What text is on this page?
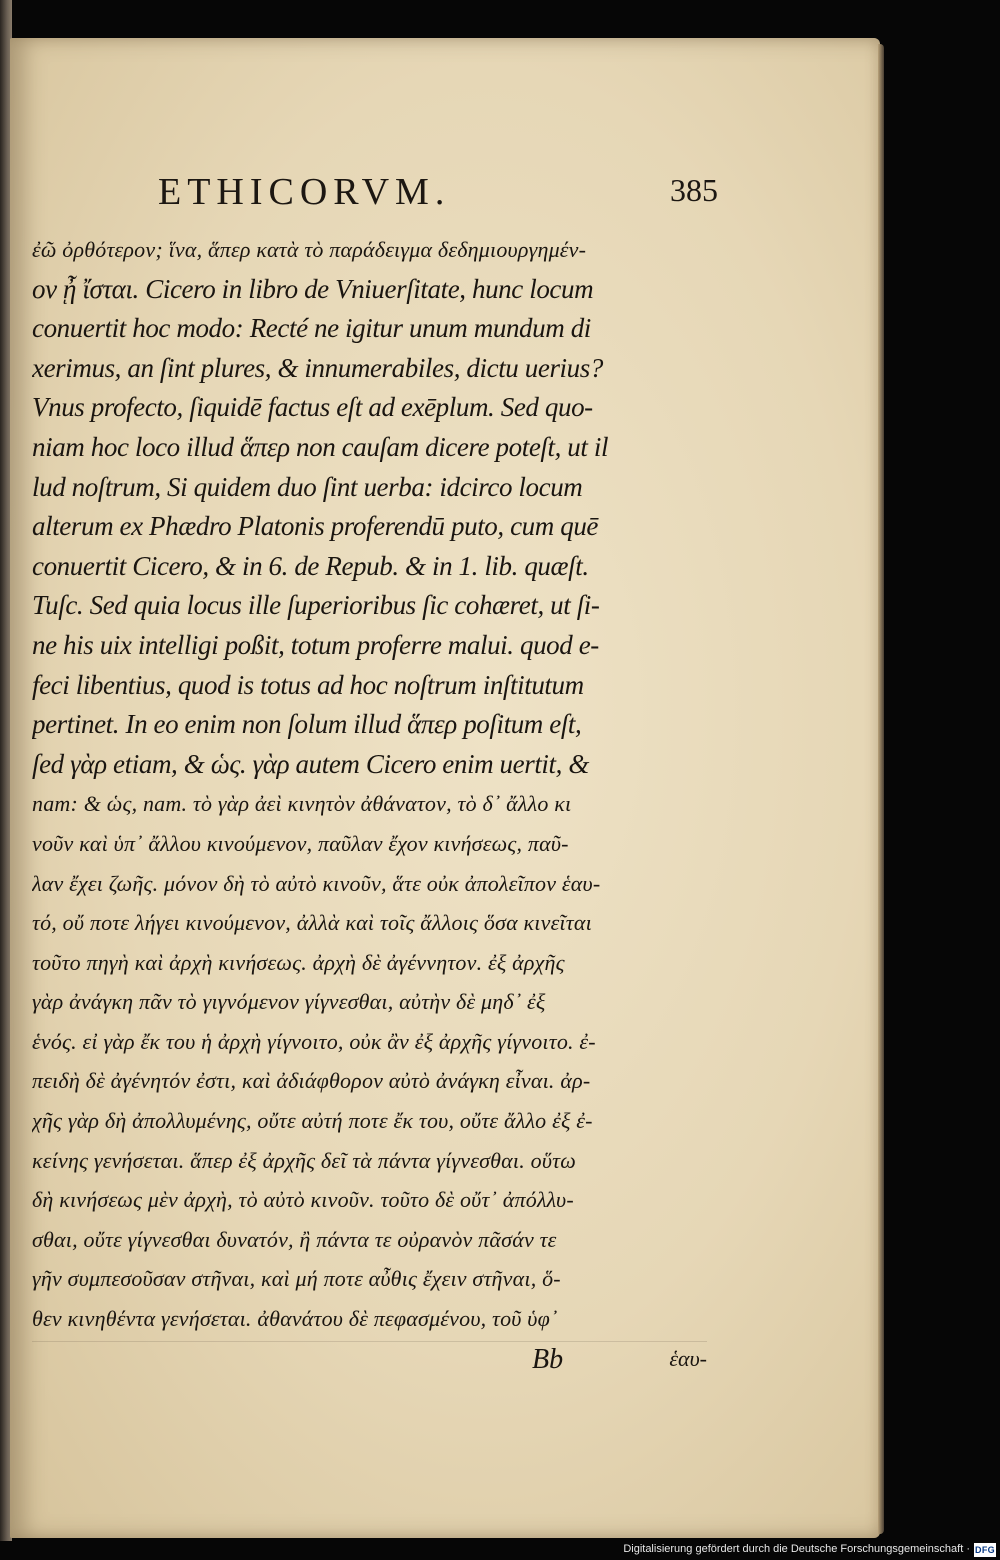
ETHICORVM.	385
ἐῶ ὀρθότερον; ἵνα, ἅπερ κατὰ τὸ παράδειγμα δεδημιουργημέν-
ον ᾖ ἴσται. Cicero in libro de Vniuerſitate, hunc locum
conuertit hoc modo: Recté ne igitur unum mundum di
xerimus, an ſint plures, & innumerabiles, dictu uerius?
Vnus profecto, ſiquidē factus eſt ad exēplum. Sed quo-
niam hoc loco illud ἅπερ non cauſam dicere poteſt, ut il
lud noſtrum, Si quidem duo ſint uerba: idcirco locum
alterum ex Phædro Platonis proferendū puto, cum quē
conuertit Cicero, & in 6. de Repub. & in 1. lib. quæſt.
Tuſc. Sed quia locus ille ſuperioribus ſic cohæret, ut ſi-
ne his uix intelligi poßit, totum proferre malui. quod e-
feci libentius, quod is totus ad hoc noſtrum inſtitutum
pertinet. In eo enim non ſolum illud ἅπερ poſitum eſt,
ſed γὰρ etiam, & ὡς. γὰρ autem Cicero enim uertit, &
nam: & ὡς, nam. τὸ γὰρ ἀεὶ κινητὸν ἀθάνατον, τὸ δ᾽ ἄλλο κι
νοῦν καὶ ὑπ᾽ ἄλλου κινούμενον, παῦλαν ἔχον κινήσεως, παῦ-
λαν ἔχει ζωῆς. μόνον δὴ τὸ αὐτὸ κινοῦν, ἅτε οὐκ ἀπολεῖπον ἑαυ-
τό, οὔ ποτε λήγει κινούμενον, ἀλλὰ καὶ τοῖς ἄλλοις ὅσα κινεῖται
τοῦτο πηγὴ καὶ ἀρχὴ κινήσεως. ἀρχὴ δὲ ἀγέννητον. ἐξ ἀρχῆς
γὰρ ἀνάγκη πᾶν τὸ γιγνόμενον γίγνεσθαι, αὐτὴν δὲ μηδ᾽ ἐξ
ἑνός. εἰ γὰρ ἔκ του ἡ ἀρχὴ γίγνοιτο, οὐκ ἂν ἐξ ἀρχῆς γίγνοιτο. ἐ-
πειδὴ δὲ ἀγένητόν ἐστι, καὶ ἀδιάφθορον αὐτὸ ἀνάγκη εἶναι. ἀρ-
χῆς γὰρ δὴ ἀπολλυμένης, οὔτε αὐτή ποτε ἔκ του, οὔτε ἄλλο ἐξ ἐ-
κείνης γενήσεται. ἅπερ ἐξ ἀρχῆς δεῖ τὰ πάντα γίγνεσθαι. οὕτω
δὴ κινήσεως μὲν ἀρχὴ, τὸ αὐτὸ κινοῦν. τοῦτο δὲ οὔτ᾽ ἀπόλλυ-
σθαι, οὔτε γίγνεσθαι δυνατόν, ἢ πάντα τε οὐρανὸν πᾶσάν τε
γῆν συμπεσοῦσαν στῆναι, καὶ μή ποτε αὖθις ἔχειν στῆναι, ὅ-
θεν κινηθέντα γενήσεται. ἀθανάτου δὲ πεφασμένου, τοῦ ὑφ᾽
Bb	ἑαυ-
Digitalisierung gefördert durch die Deutsche Forschungsgemeinschaft · DFG
